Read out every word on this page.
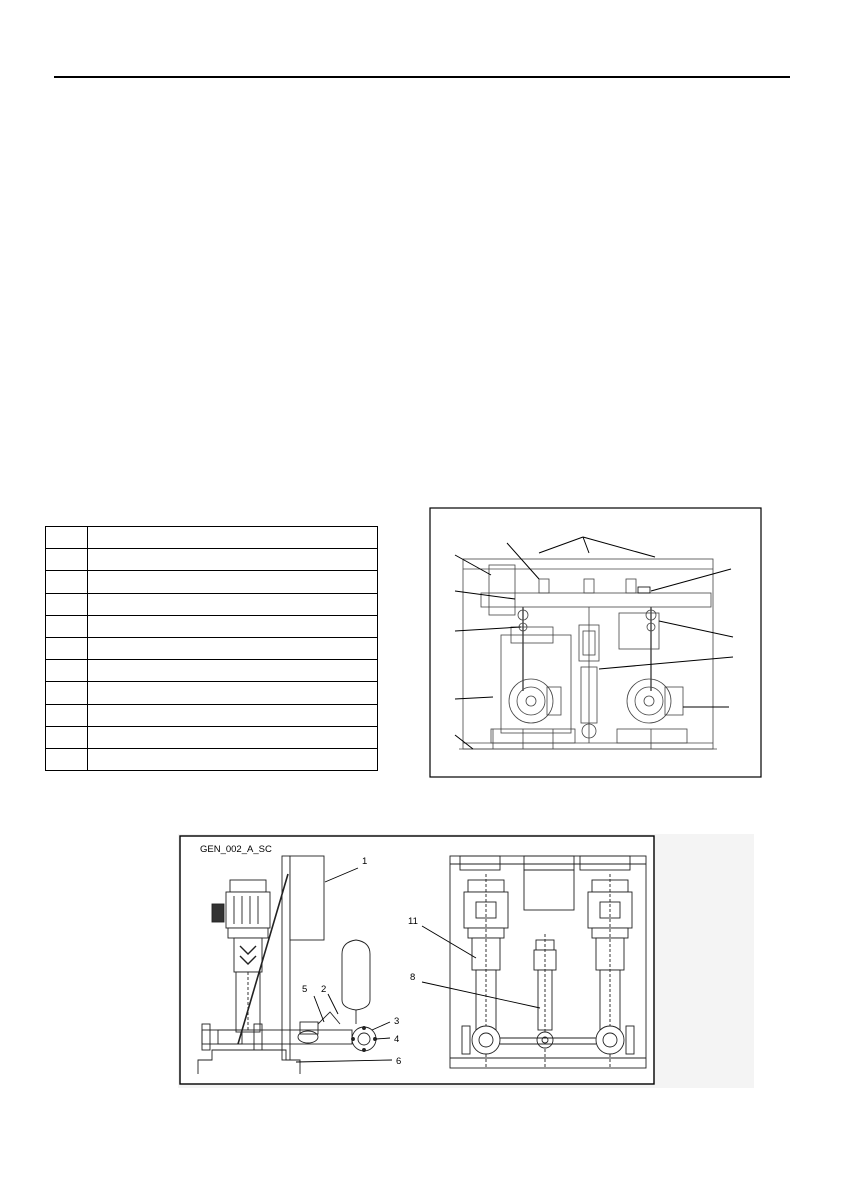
GEN_002_A_SC
1
5 2
3
4
6
11
8
